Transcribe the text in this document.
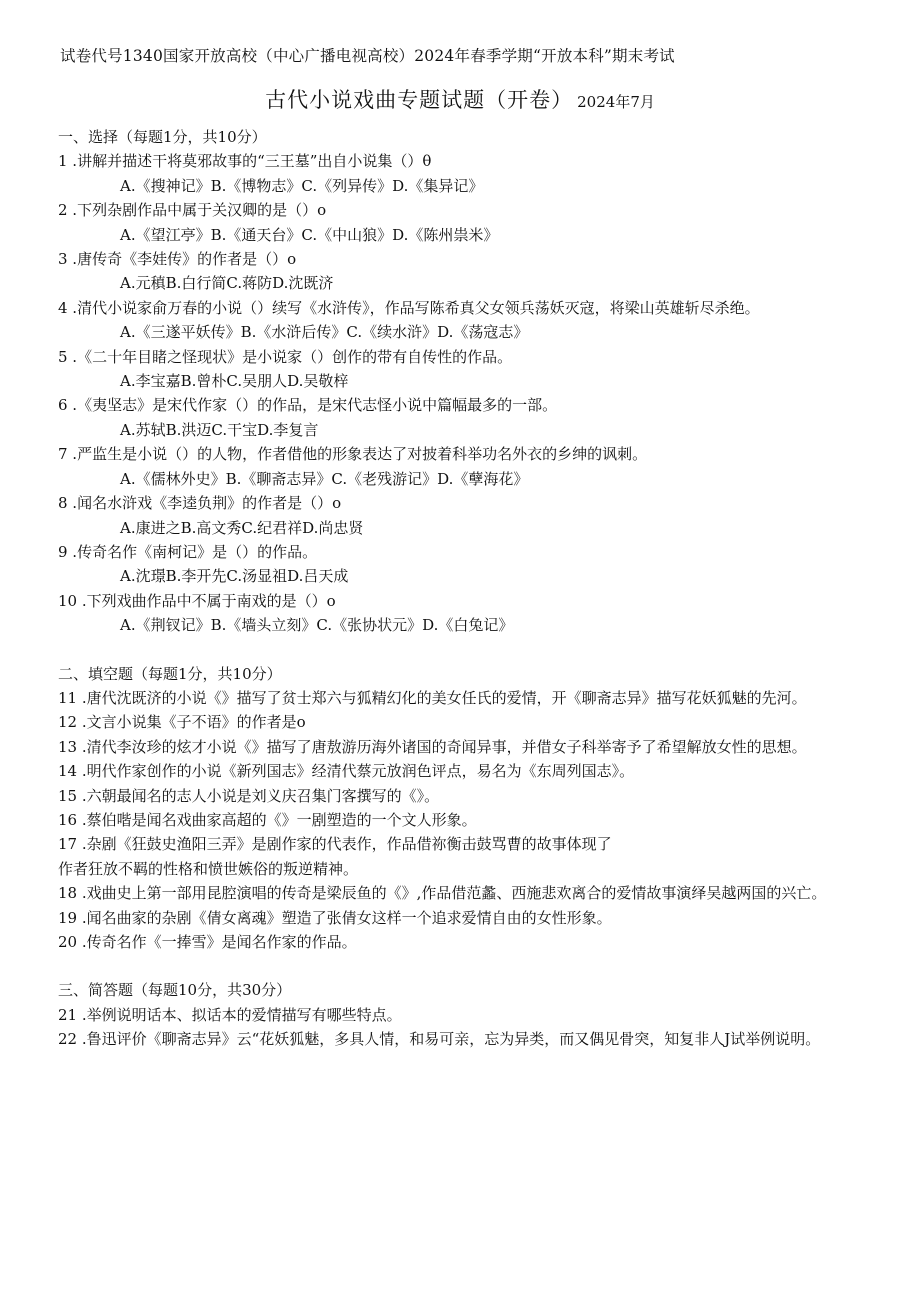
试卷代号1340国家开放高校（中心广播电视高校）2024年春季学期“开放本科”期末考试
古代小说戏曲专题试题（开卷） 2024年7月
一、选择（每题1分，共10分）
1 .讲解并描述干将莫邪故事的“三王墓”出自小说集（）θ
A.《搜神记》B.《博物志》C.《列异传》D.《集异记》
2 .下列杂剧作品中属于关汉卿的是（）o
A.《望江亭》B.《通天台》C.《中山狼》D.《陈州祟米》
3 .唐传奇《李娃传》的作者是（）o
A.元稹B.白行简C.蒋防D.沈既济
4 .清代小说家俞万春的小说（）续写《水浒传》，作品写陈希真父女领兵荡妖灭寇，将梁山英雄斩尽杀绝。
A.《三遂平妖传》B.《水浒后传》C.《续水浒》D.《荡寇志》
5 .《二十年目睹之怪现状》是小说家（）创作的带有自传性的作品。
A.李宝嘉B.曾朴C.吴朋人D.吴敬梓
6 .《夷坚志》是宋代作家（）的作品，是宋代志怪小说中篇幅最多的一部。
A.苏轼B.洪迈C.干宝D.李复言
7 .严监生是小说（）的人物，作者借他的形象表达了对披着科举功名外衣的乡绅的讽刺。
A.《儒林外史》B.《聊斋志异》C.《老残游记》D.《孽海花》
8 .闻名水浒戏《李逵负荆》的作者是（）o
A.康进之B.高文秀C.纪君祥D.尚忠贤
9 .传奇名作《南柯记》是（）的作品。
A.沈璟B.李开先C.汤显祖D.吕天成
10 .下列戏曲作品中不属于南戏的是（）o
A.《荆钗记》B.《墙头立刻》C.《张协状元》D.《白兔记》
二、填空题（每题1分，共10分）
11 .唐代沈既济的小说《》描写了贫士郑六与狐精幻化的美女任氏的爱情，开《聊斋志异》描写花妖狐魅的先河。
12 .文言小说集《子不语》的作者是o
13 .清代李汝珍的炫才小说《》描写了唐敖游历海外诸国的奇闻异事，并借女子科举寄予了希望解放女性的思想。
14 .明代作家创作的小说《新列国志》经清代蔡元放润色评点，易名为《东周列国志》。
15 .六朝最闻名的志人小说是刘义庆召集门客撰写的《》。
16 .蔡伯喈是闻名戏曲家高超的《》一剧塑造的一个文人形象。
17 .杂剧《狂鼓史渔阳三弄》是剧作家的代表作，作品借祢衡击鼓骂曹的故事体现了
作者狂放不羁的性格和愤世嫉俗的叛逆精神。
18 .戏曲史上第一部用昆腔演唱的传奇是梁辰鱼的《》,作品借范蠡、西施悲欢离合的爱情故事演绎吴越两国的兴亡。
19 .闻名曲家的杂剧《倩女离魂》塑造了张倩女这样一个追求爱情自由的女性形象。
20 .传奇名作《一捧雪》是闻名作家的作品。
三、简答题（每题10分，共30分）
21 .举例说明话本、拟话本的爱情描写有哪些特点。
22 .鲁迅评价《聊斋志异》云“花妖狐魅，多具人情，和易可亲，忘为异类，而又偶见骨突，知复非人J试举例说明。
